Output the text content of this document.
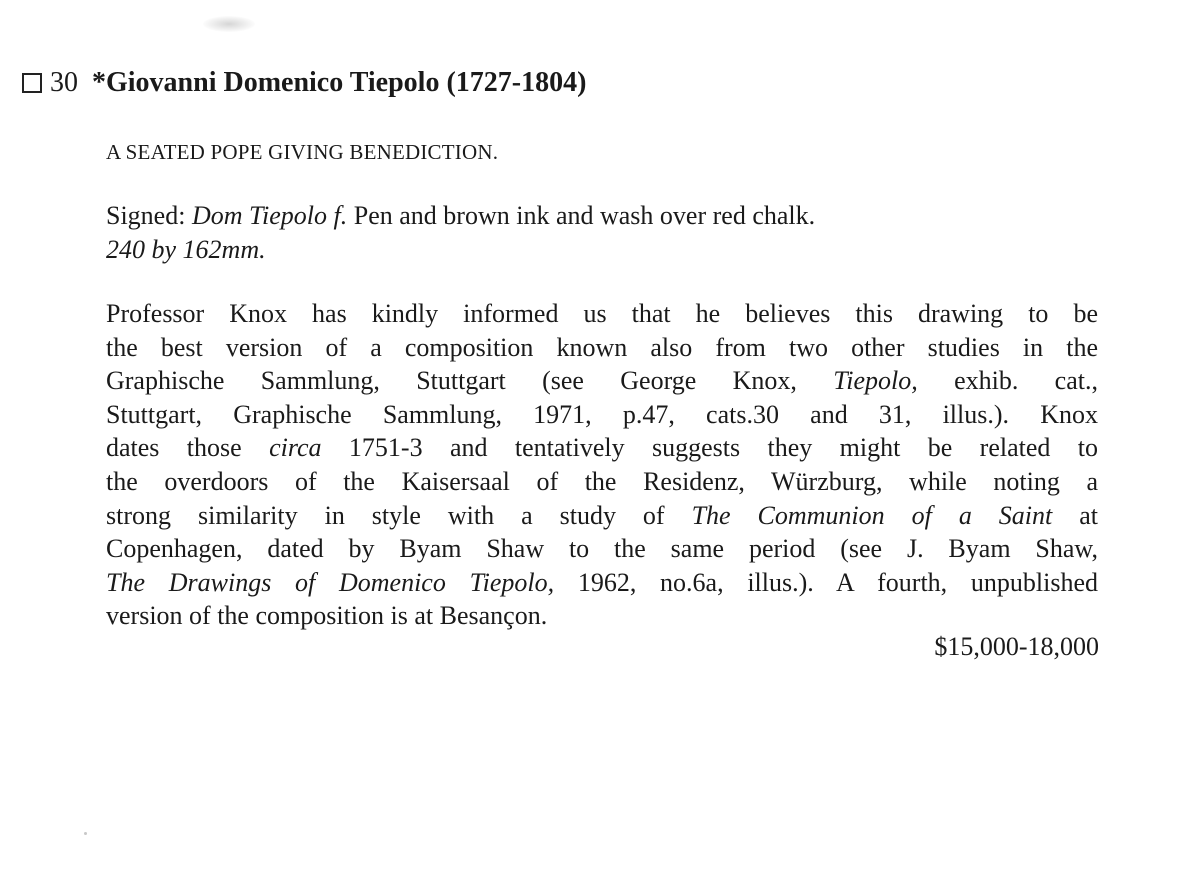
30 *Giovanni Domenico Tiepolo (1727-1804)
A SEATED POPE GIVING BENEDICTION.
Signed: Dom Tiepolo f. Pen and brown ink and wash over red chalk.
240 by 162mm.
Professor Knox has kindly informed us that he believes this drawing to be
the best version of a composition known also from two other studies in the
Graphische Sammlung, Stuttgart (see George Knox, Tiepolo, exhib. cat.,
Stuttgart, Graphische Sammlung, 1971, p.47, cats.30 and 31, illus.). Knox
dates those circa 1751-3 and tentatively suggests they might be related to
the overdoors of the Kaisersaal of the Residenz, Würzburg, while noting a
strong similarity in style with a study of The Communion of a Saint at
Copenhagen, dated by Byam Shaw to the same period (see J. Byam Shaw,
The Drawings of Domenico Tiepolo, 1962, no.6a, illus.). A fourth, unpublished
version of the composition is at Besançon.
$15,000-18,000
